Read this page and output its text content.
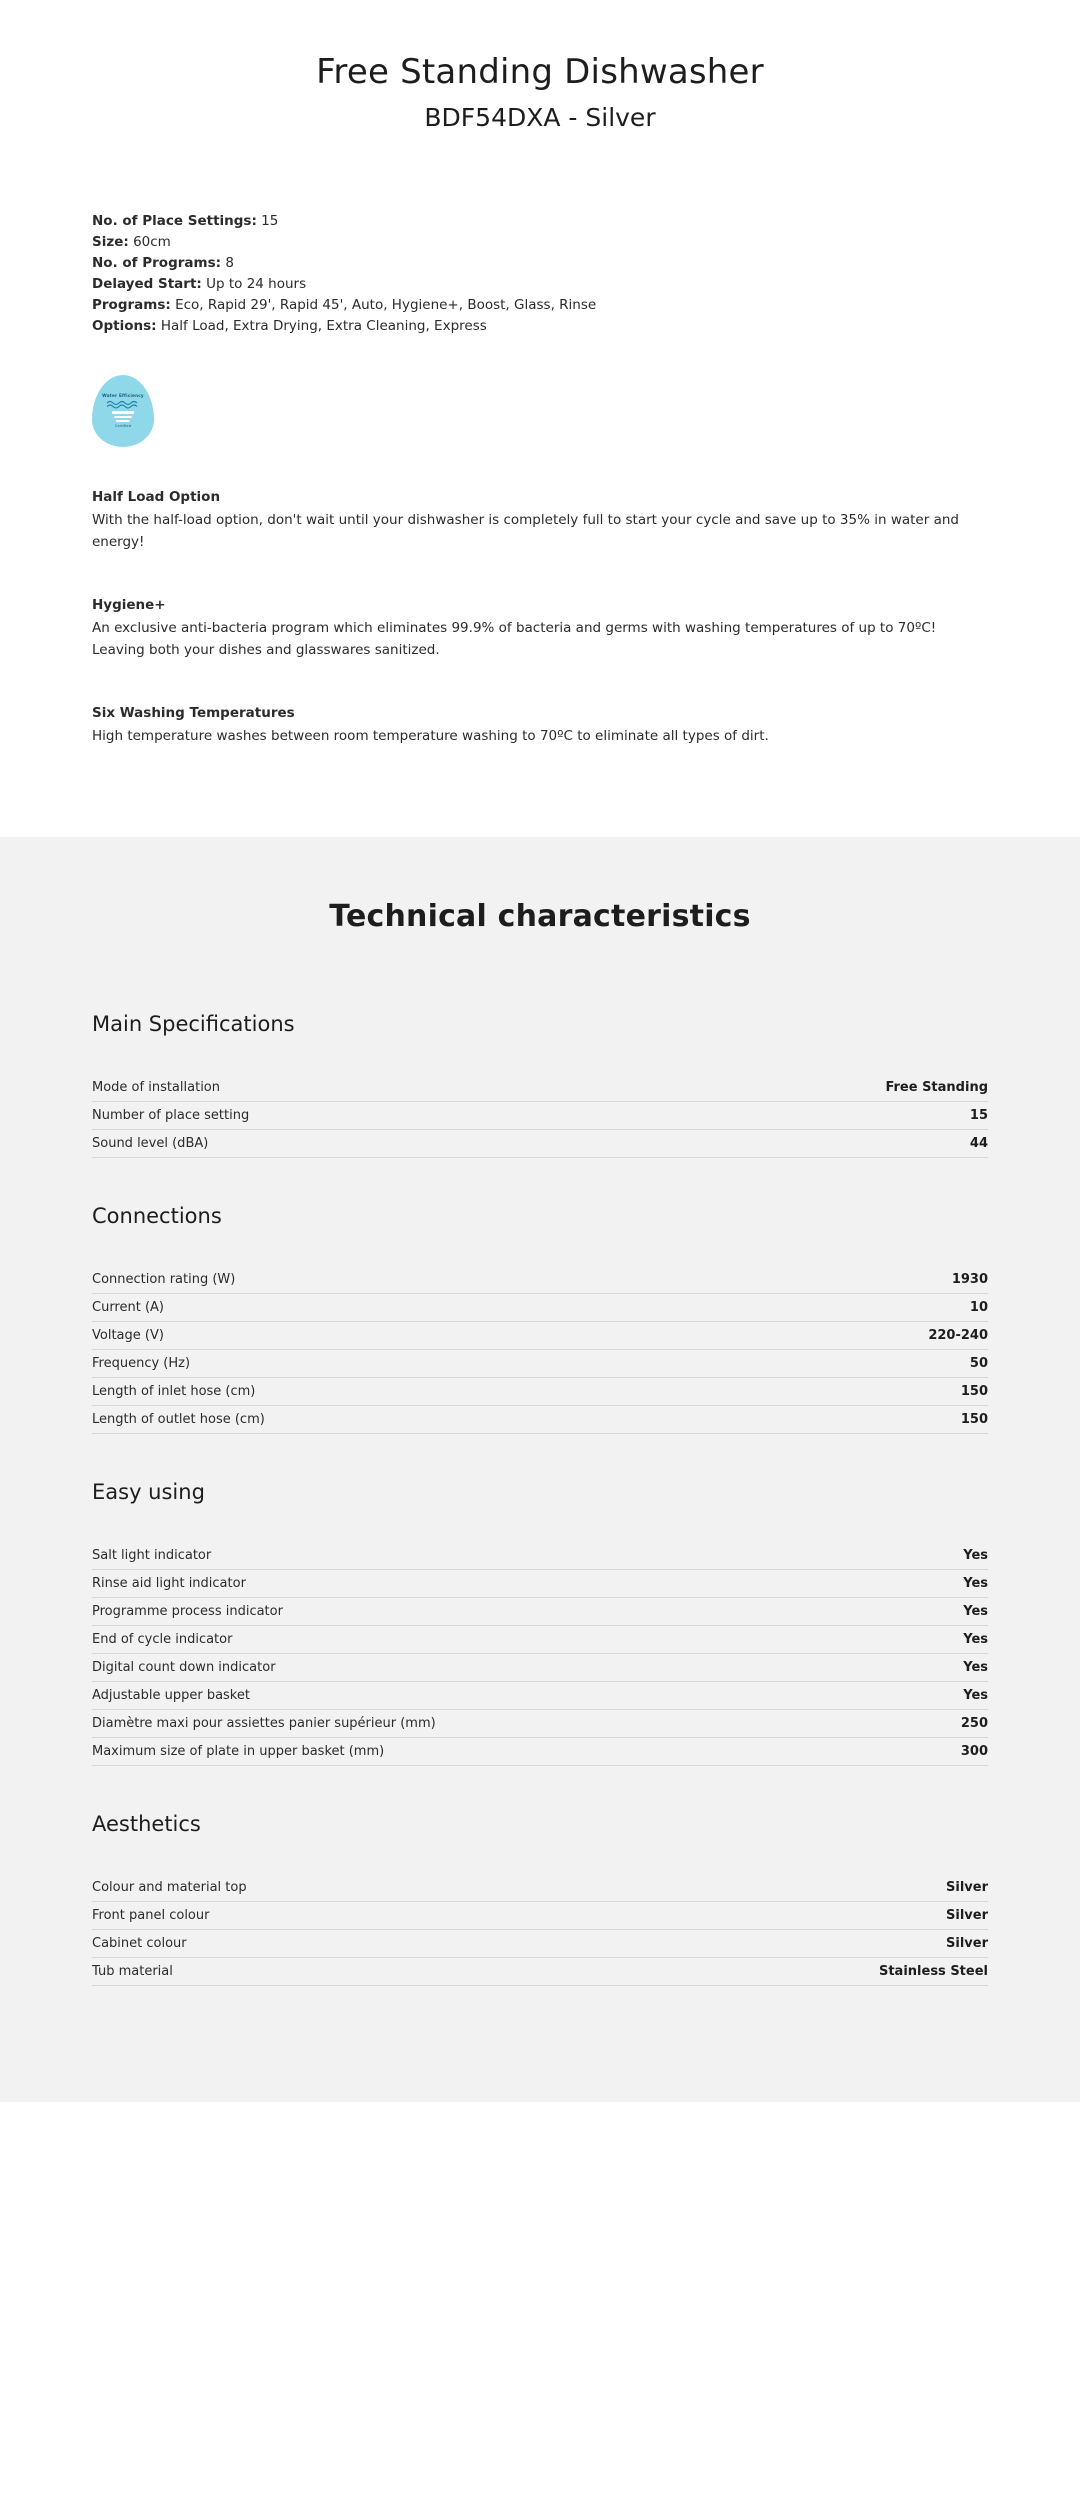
Free Standing Dishwasher
BDF54DXA - Silver
No. of Place Settings: 15
Size: 60cm
No. of Programs: 8
Delayed Start: Up to 24 hours
Programs: Eco, Rapid 29', Rapid 45', Auto, Hygiene+, Boost, Glass, Rinse
Options: Half Load, Extra Drying, Extra Cleaning, Express
Water Efficiency
Certified

Half Load Option

With the half-load option, don't wait until your dishwasher is completely full to start your cycle and save up to 35% in water and energy!

Hygiene+

An exclusive anti-bacteria program which eliminates 99.9% of bacteria and germs with washing temperatures of up to 70ºC! Leaving both your dishes and glasswares sanitized.

Six Washing Temperatures

High temperature washes between room temperature washing to 70ºC to eliminate all types of dirt.

Technical characteristics
Main Specifications
Mode of installation	Free Standing
Number of place setting	15
Sound level (dBA)	44
Connections
Connection rating (W)	1930
Current (A)	10
Voltage (V)	220-240
Frequency (Hz)	50
Length of inlet hose (cm)	150
Length of outlet hose (cm)	150
Easy using
Salt light indicator	Yes
Rinse aid light indicator	Yes
Programme process indicator	Yes
End of cycle indicator	Yes
Digital count down indicator	Yes
Adjustable upper basket	Yes
Diamètre maxi pour assiettes panier supérieur (mm)	250
Maximum size of plate in upper basket (mm)	300
Aesthetics
Colour and material top	Silver
Front panel colour	Silver
Cabinet colour	Silver
Tub material	Stainless Steel
